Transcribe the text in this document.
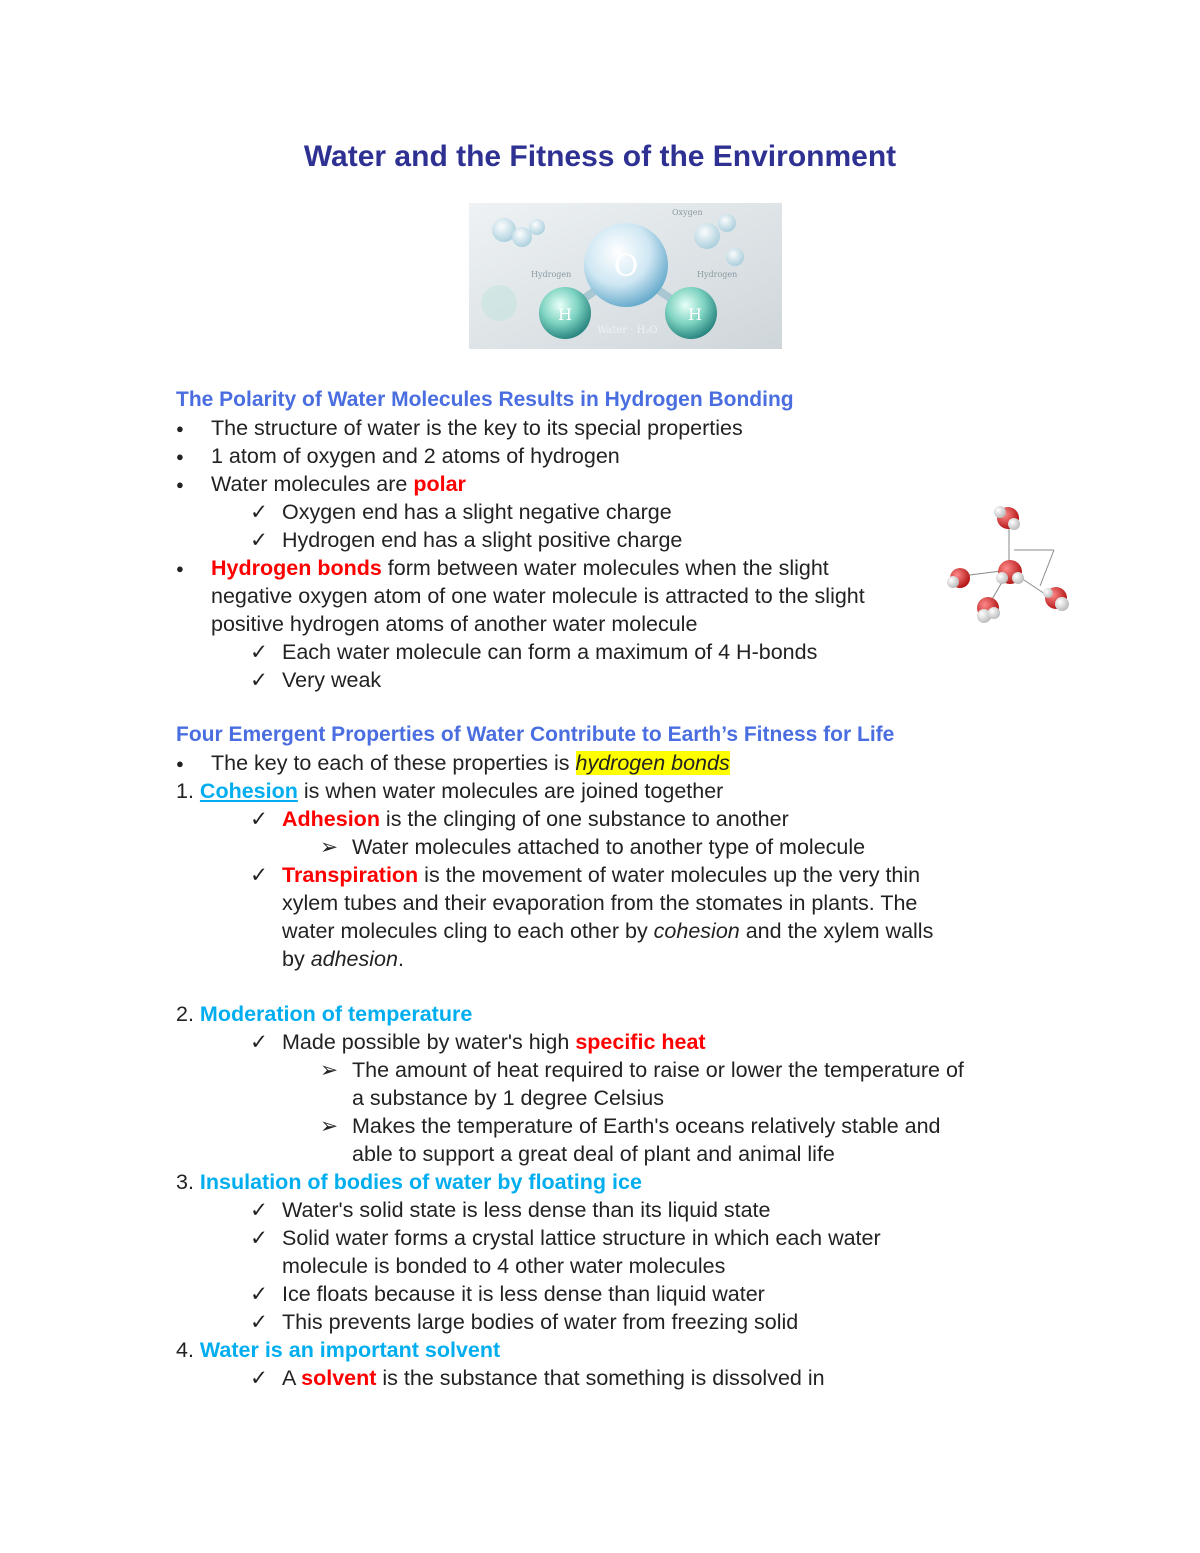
Water and the Fitness of the Environment
O
H	H
Oxygen
Hydrogen	Hydrogen
Water · H₂O
The Polarity of Water Molecules Results in Hydrogen Bonding
● The structure of water is the key to its special properties
● 1 atom of oxygen and 2 atoms of hydrogen
● Water molecules are polar
✓ Oxygen end has a slight negative charge
✓ Hydrogen end has a slight positive charge
● Hydrogen bonds form between water molecules when the slight
negative oxygen atom of one water molecule is attracted to the slight
positive hydrogen atoms of another water molecule
✓ Each water molecule can form a maximum of 4 H-bonds
✓ Very weak
Four Emergent Properties of Water Contribute to Earth’s Fitness for Life
● The key to each of these properties is hydrogen bonds
1. Cohesion is when water molecules are joined together
✓ Adhesion is the clinging of one substance to another
➢ Water molecules attached to another type of molecule
✓ Transpiration is the movement of water molecules up the very thin
xylem tubes and their evaporation from the stomates in plants. The
water molecules cling to each other by cohesion and the xylem walls
by adhesion.
2. Moderation of temperature
✓ Made possible by water's high specific heat
➢ The amount of heat required to raise or lower the temperature of
a substance by 1 degree Celsius
➢ Makes the temperature of Earth's oceans relatively stable and
able to support a great deal of plant and animal life
3. Insulation of bodies of water by floating ice
✓ Water's solid state is less dense than its liquid state
✓ Solid water forms a crystal lattice structure in which each water
molecule is bonded to 4 other water molecules
✓ Ice floats because it is less dense than liquid water
✓ This prevents large bodies of water from freezing solid
4. Water is an important solvent
✓ A solvent is the substance that something is dissolved in
